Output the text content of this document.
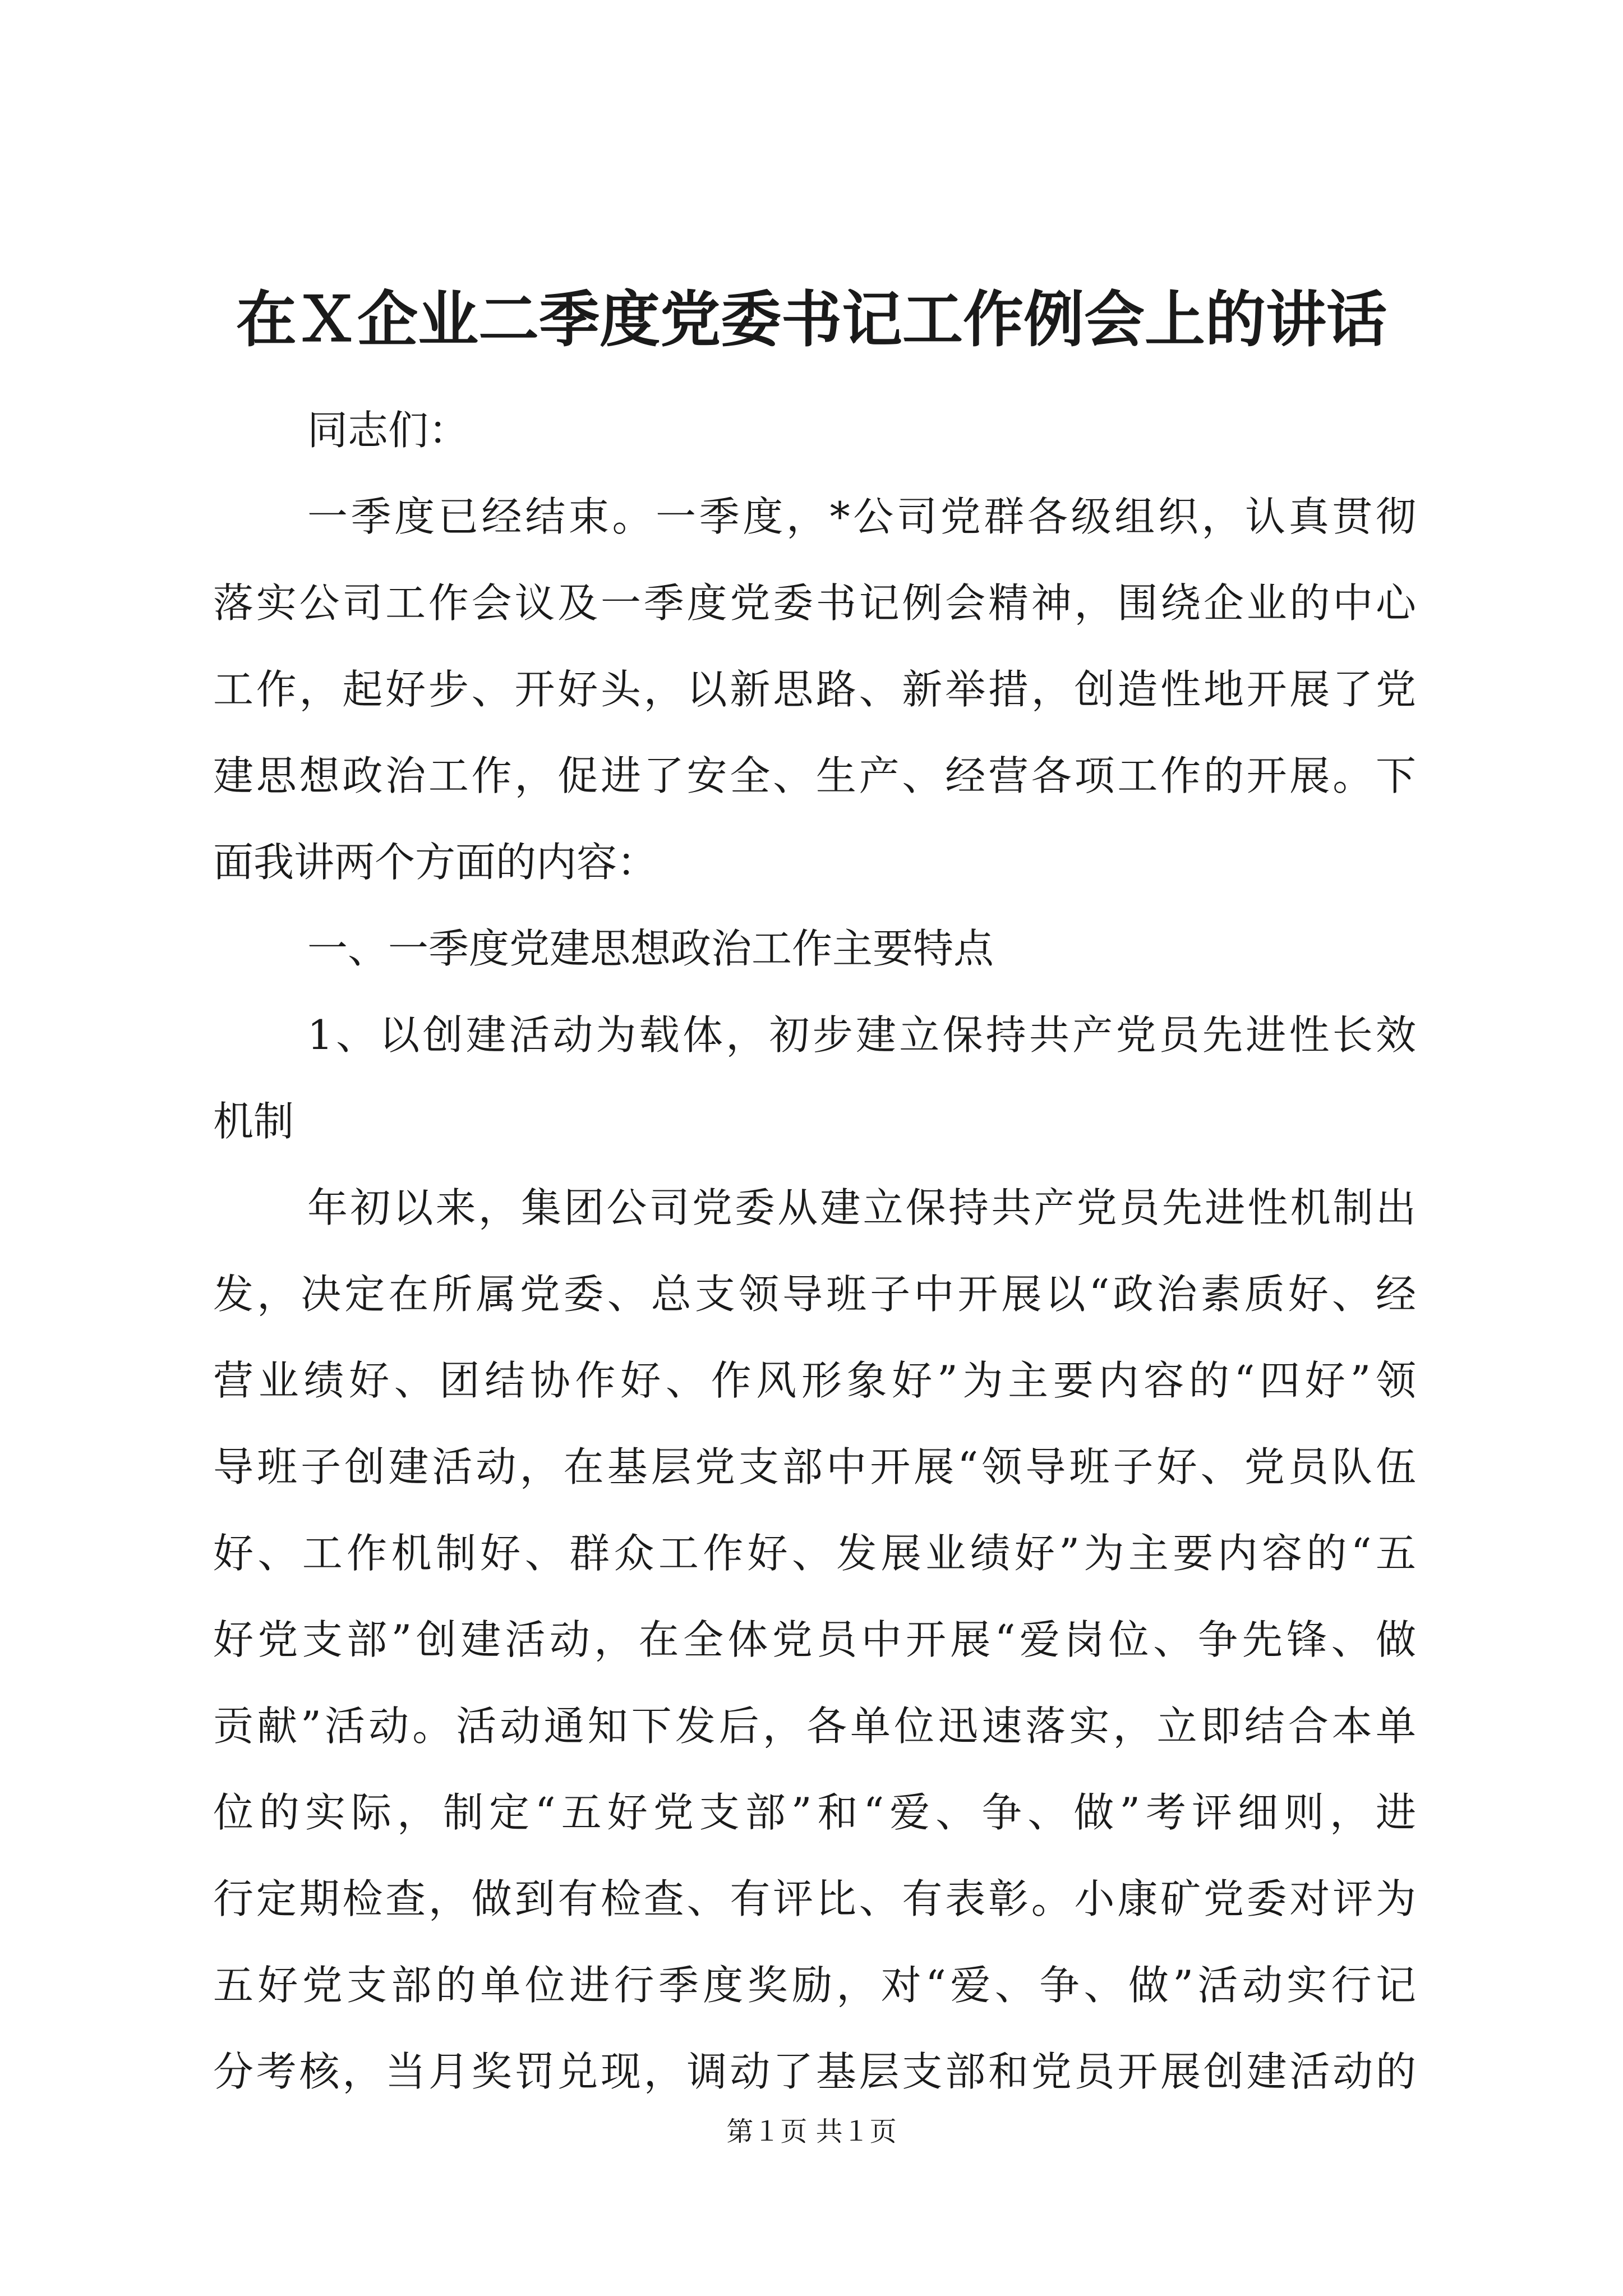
在Ｘ企业二季度党委书记工作例会上的讲话
同志们：
一季度已经结束。一季度，*公司党群各级组织，认真贯彻
落实公司工作会议及一季度党委书记例会精神，围绕企业的中心
工作，起好步、开好头，以新思路、新举措，创造性地开展了党
建思想政治工作，促进了安全、生产、经营各项工作的开展。下
面我讲两个方面的内容：
一、一季度党建思想政治工作主要特点
1、以创建活动为载体，初步建立保持共产党员先进性长效
机制
年初以来，集团公司党委从建立保持共产党员先进性机制出
发，决定在所属党委、总支领导班子中开展以“政治素质好、经
营业绩好、团结协作好、作风形象好”为主要内容的“四好”领
导班子创建活动，在基层党支部中开展“领导班子好、党员队伍
好、工作机制好、群众工作好、发展业绩好”为主要内容的“五
好党支部”创建活动，在全体党员中开展“爱岗位、争先锋、做
贡献”活动。活动通知下发后，各单位迅速落实，立即结合本单
位的实际，制定“五好党支部”和“爱、争、做”考评细则，进
行定期检查，做到有检查、有评比、有表彰。小康矿党委对评为
五好党支部的单位进行季度奖励，对“爱、争、做”活动实行记
分考核，当月奖罚兑现，调动了基层支部和党员开展创建活动的
第１页 共１页
